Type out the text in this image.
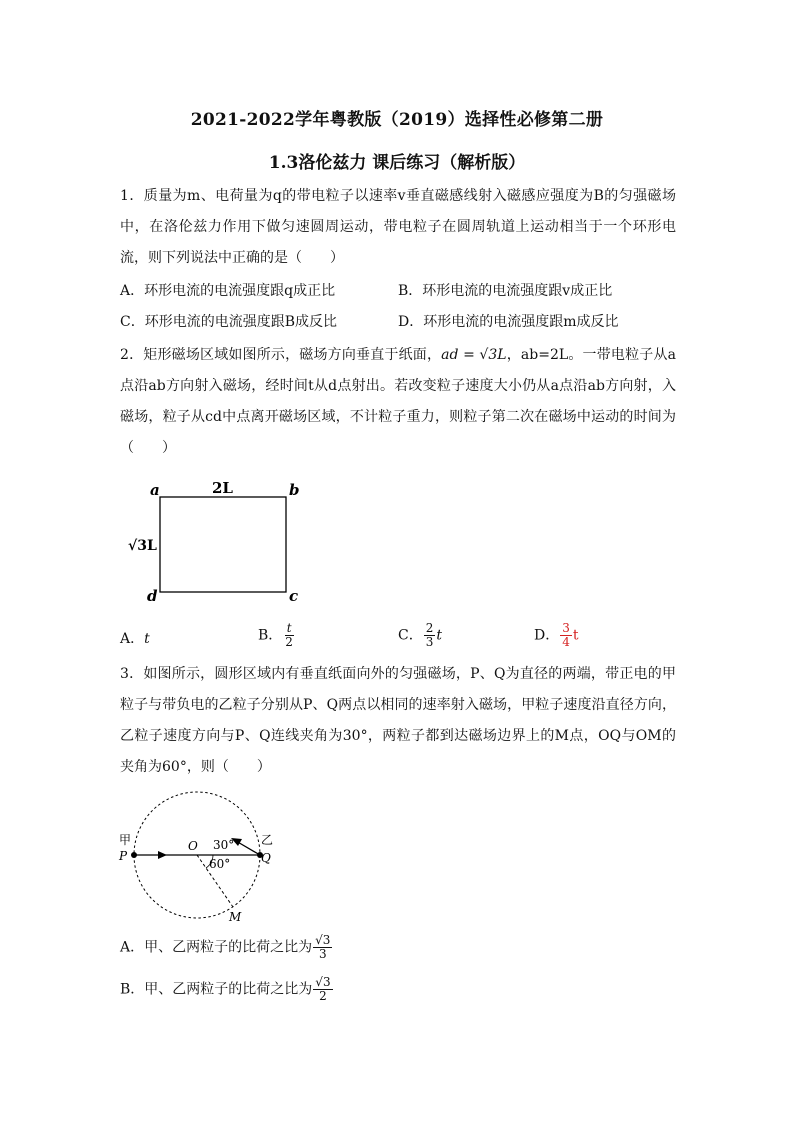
2021-2022学年粤教版（2019）选择性必修第二册
1.3洛伦兹力 课后练习（解析版）
1．质量为m、电荷量为q的带电粒子以速率v垂直磁感线射入磁感应强度为B的匀强磁场中，在洛伦兹力作用下做匀速圆周运动，带电粒子在圆周轨道上运动相当于一个环形电流，则下列说法中正确的是（　　）
A．环形电流的电流强度跟q成正比	B．环形电流的电流强度跟v成正比
C．环形电流的电流强度跟B成反比	D．环形电流的电流强度跟m成反比
2．矩形磁场区域如图所示，磁场方向垂直于纸面，ad = √3L，ab=2L。一带电粒子从a点沿ab方向射入磁场，经时间t从d点射出。若改变粒子速度大小仍从a点沿ab方向射，入磁场，粒子从cd中点离开磁场区域，不计粒子重力，则粒子第二次在磁场中运动的时间为（　　）
a	b
c
d
2L
√3L
A．t	B． $\frac{t}{2}$	C． $\frac{2}{3}$ t	D． $\frac{3}{4}$ t
3．如图所示，圆形区域内有垂直纸面向外的匀强磁场，P、Q为直径的两端，带正电的甲粒子与带负电的乙粒子分别从P、Q两点以相同的速率射入磁场，甲粒子速度沿直径方向，乙粒子速度方向与P、Q连线夹角为30°，两粒子都到达磁场边界上的M点，OQ与OM的夹角为60°，则（　　）
甲
P
乙
Q
O 30°
60°
M
A．甲、乙两粒子的比荷之比为 $\frac{√3}{3}$
B．甲、乙两粒子的比荷之比为 $\frac{√3}{2}$
